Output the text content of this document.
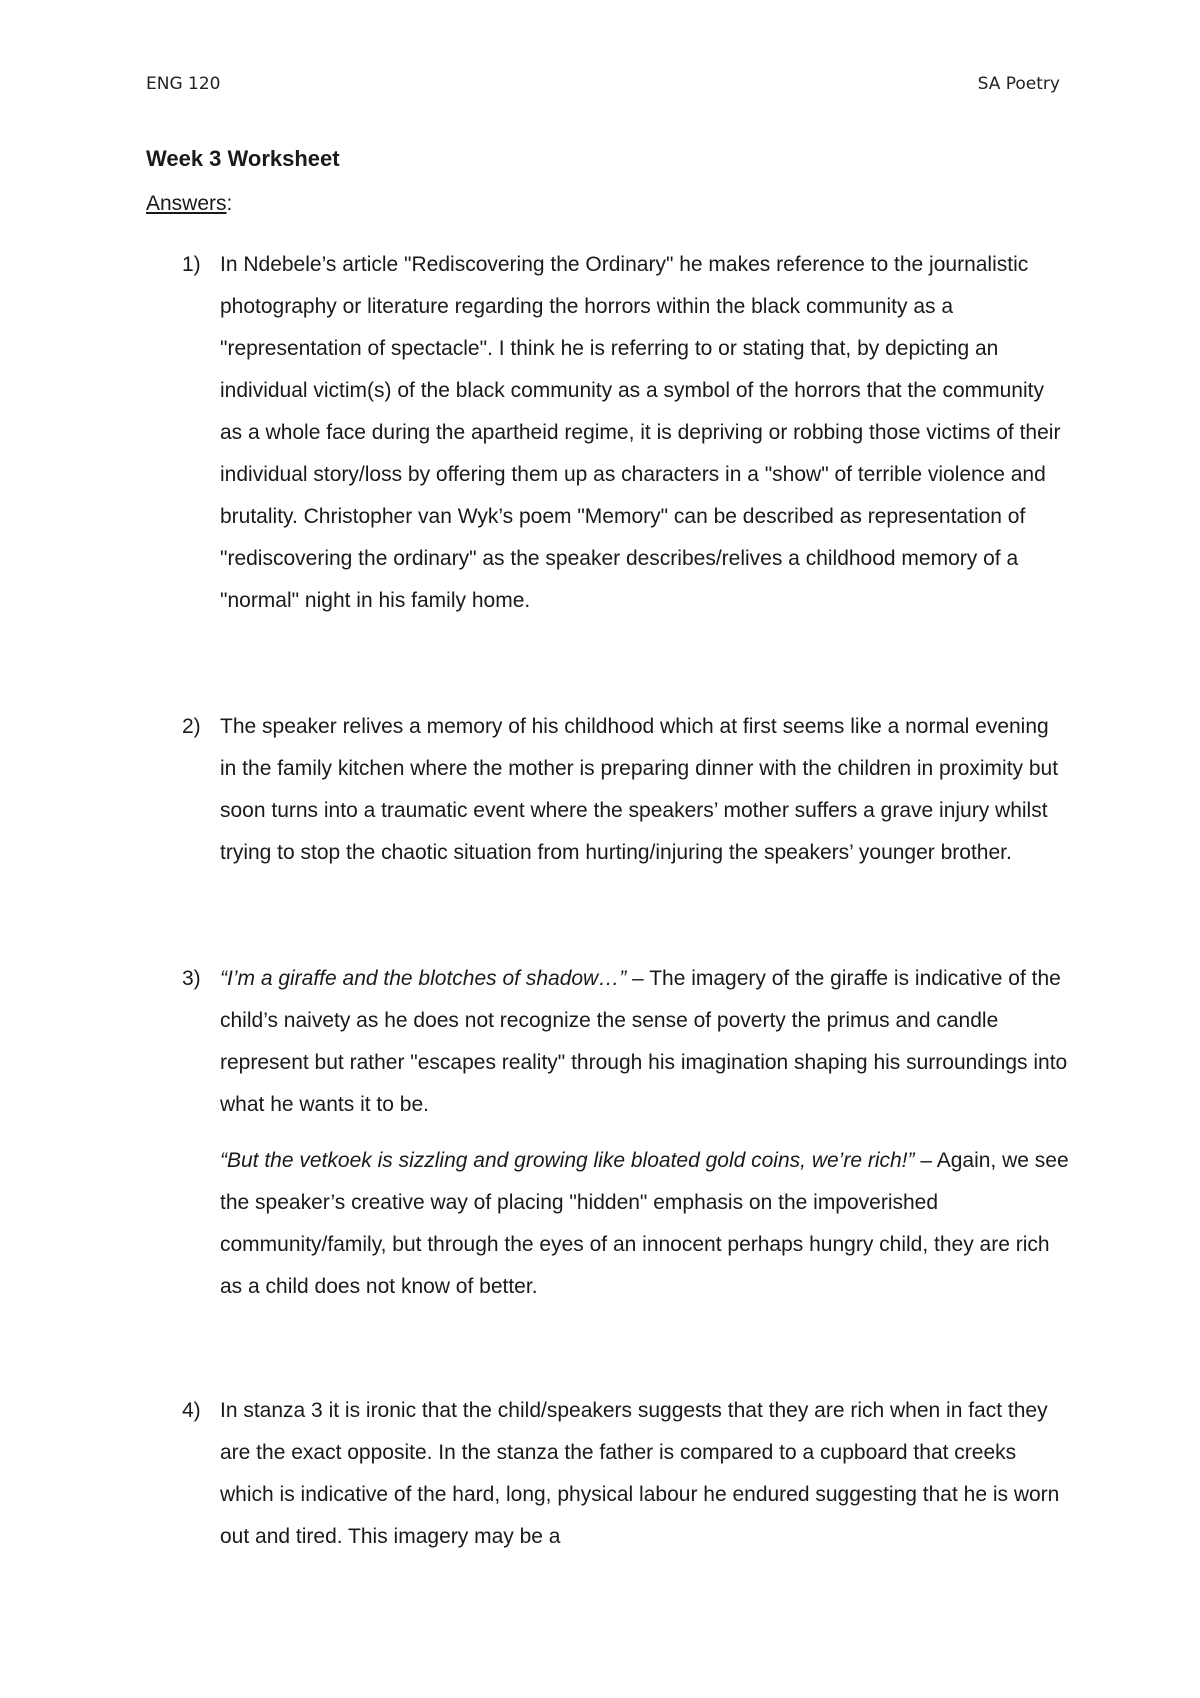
ENG 120	SA Poetry
Week 3 Worksheet
Answers:
1) In Ndebele’s article "Rediscovering the Ordinary" he makes reference to the journalistic photography or literature regarding the horrors within the black community as a "representation of spectacle". I think he is referring to or stating that, by depicting an individual victim(s) of the black community as a symbol of the horrors that the community as a whole face during the apartheid regime, it is depriving or robbing those victims of their individual story/loss by offering them up as characters in a "show" of terrible violence and brutality. Christopher van Wyk’s poem "Memory" can be described as representation of "rediscovering the ordinary" as the speaker describes/relives a childhood memory of a "normal" night in his family home.
2) The speaker relives a memory of his childhood which at first seems like a normal evening in the family kitchen where the mother is preparing dinner with the children in proximity but soon turns into a traumatic event where the speakers’ mother suffers a grave injury whilst trying to stop the chaotic situation from hurting/injuring the speakers’ younger brother.
3) “I’m a giraffe and the blotches of shadow…” – The imagery of the giraffe is indicative of the child’s naivety as he does not recognize the sense of poverty the primus and candle represent but rather "escapes reality" through his imagination shaping his surroundings into what he wants it to be.
“But the vetkoek is sizzling and growing like bloated gold coins, we’re rich!” – Again, we see the speaker’s creative way of placing "hidden" emphasis on the impoverished community/family, but through the eyes of an innocent perhaps hungry child, they are rich as a child does not know of better.
4) In stanza 3 it is ironic that the child/speakers suggests that they are rich when in fact they are the exact opposite. In the stanza the father is compared to a cupboard that creeks which is indicative of the hard, long, physical labour he endured suggesting that he is worn out and tired. This imagery may be a
